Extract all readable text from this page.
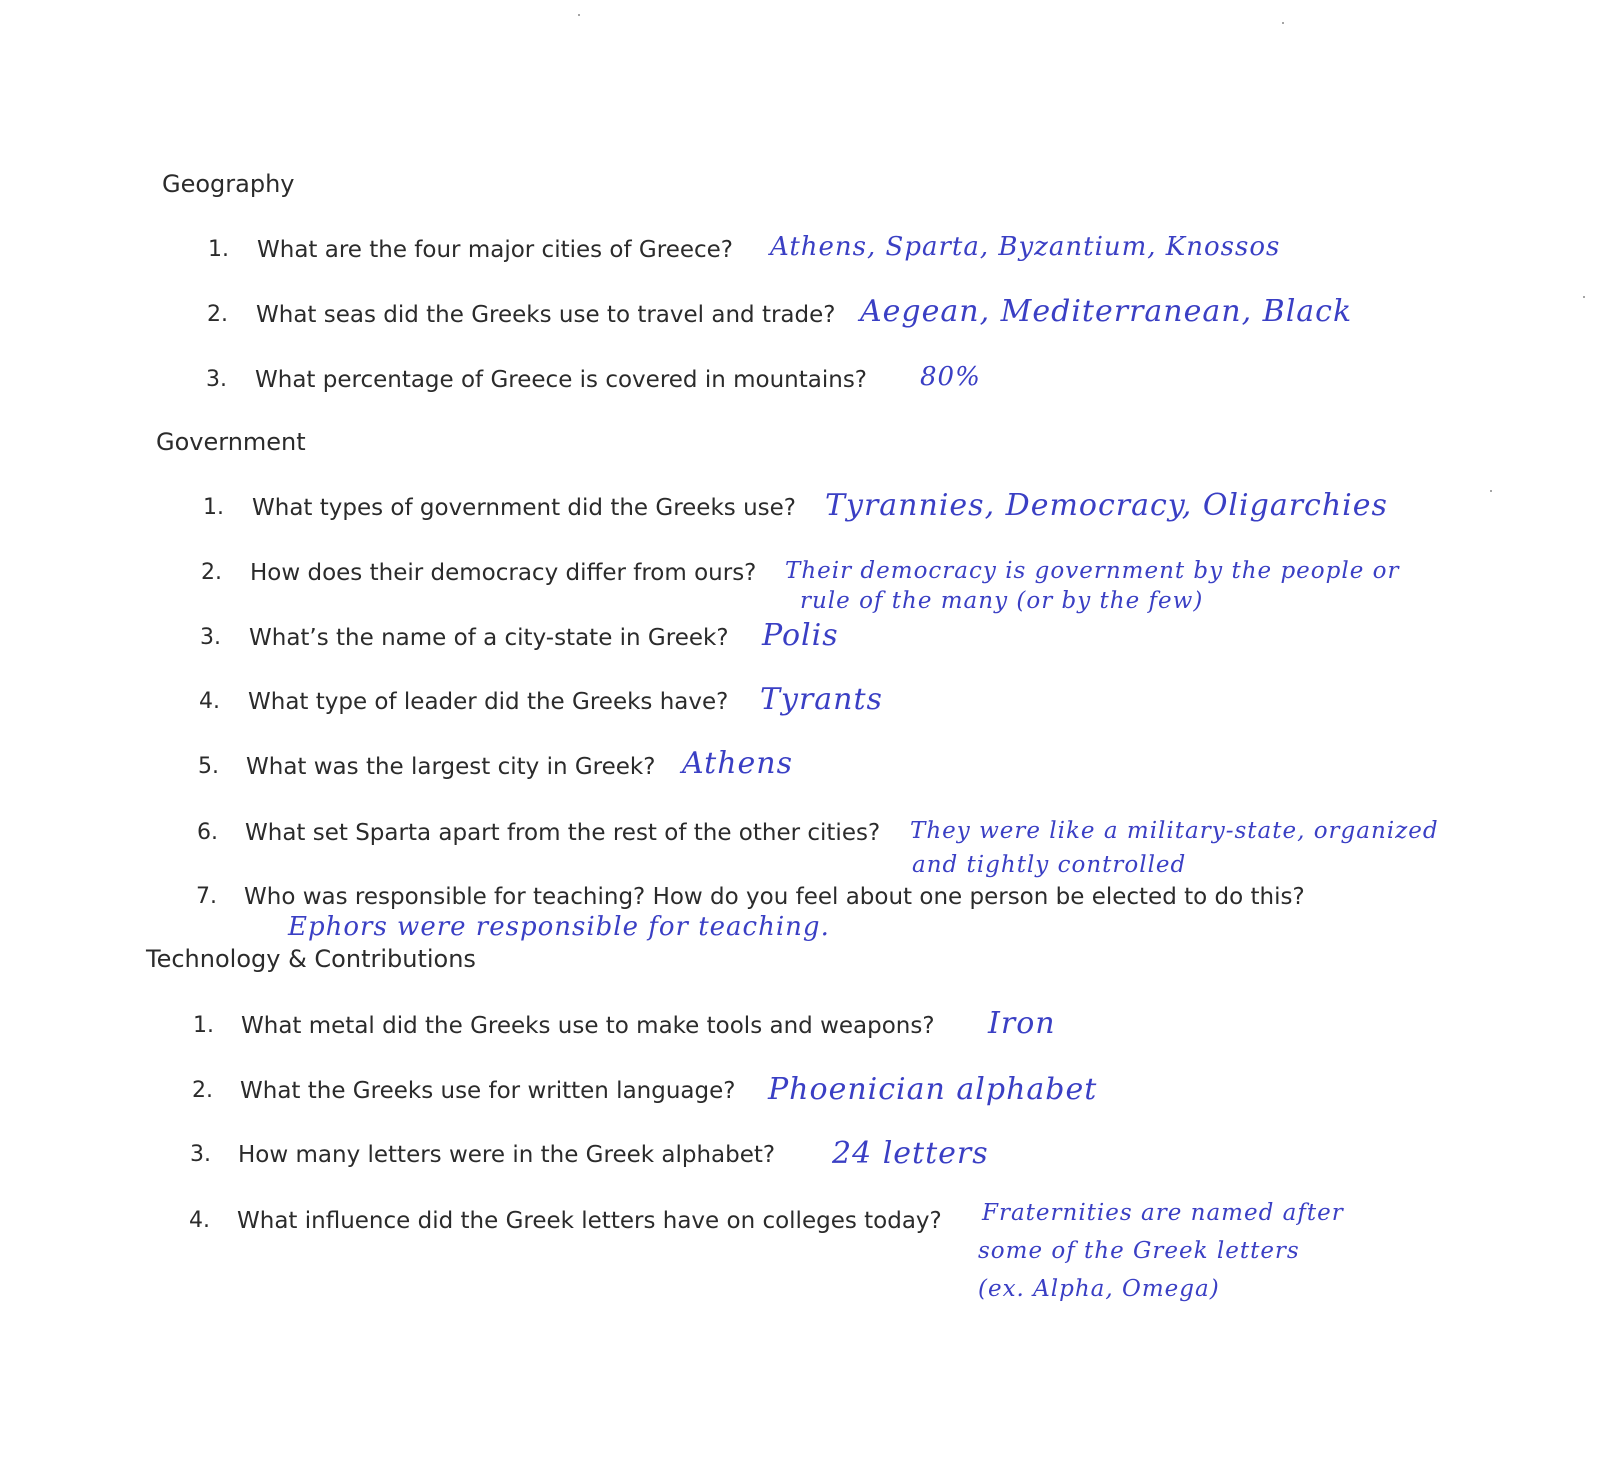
Geography
1. What are the four major cities of Greece? Athens, Sparta, Byzantium, Knossos
2. What seas did the Greeks use to travel and trade? Aegean, Mediterranean, Black
3. What percentage of Greece is covered in mountains? 80%
Government
1. What types of government did the Greeks use? Tyrannies, Democracy, Oligarchies
2. How does their democracy differ from ours? Their democracy is government by the people or
rule of the many (or by the few)
3. What’s the name of a city-state in Greek? Polis
4. What type of leader did the Greeks have? Tyrants
5. What was the largest city in Greek? Athens
6. What set Sparta apart from the rest of the other cities? They were like a military-state, organized
and tightly controlled
7. Who was responsible for teaching? How do you feel about one person be elected to do this?
Ephors were responsible for teaching.
Technology & Contributions
1. What metal did the Greeks use to make tools and weapons? Iron
2. What the Greeks use for written language? Phoenician alphabet
3. How many letters were in the Greek alphabet? 24 letters
4. What influence did the Greek letters have on colleges today? Fraternities are named after
some of the Greek letters
(ex. Alpha, Omega)
